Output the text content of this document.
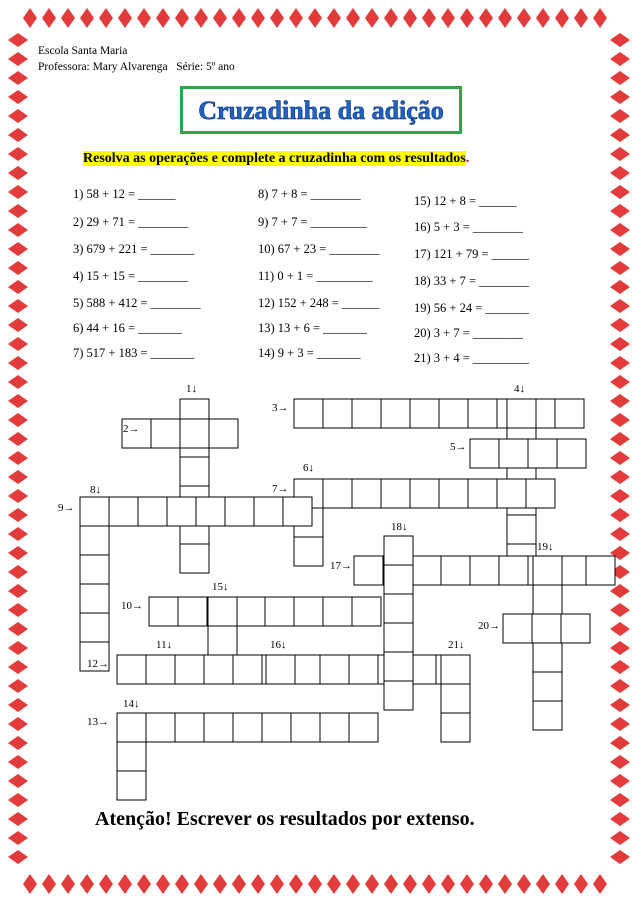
Escola Santa Maria
Professora: Mary Alvarenga   Série: 5º ano
Cruzadinha da adição
Resolva as operações e complete a cruzadinha com os resultados.
1) 58 + 12 = ______
2) 29 + 71 = ________
3) 679 + 221 = _______
4) 15 + 15 = ________
5) 588 + 412 = ________
6) 44 + 16 = _______
7) 517 + 183 = _______
8) 7 + 8 = ________
9) 7 + 7 = _________
10) 67 + 23 = ________
11) 0 + 1 = _________
12) 152 + 248 = ______
13) 13 + 6 = _______
14) 9 + 3 = _______
15) 12 + 8 = ______
16) 5 + 3 = ________
17) 121 + 79 = ______
18) 33 + 7 = ________
19) 56 + 24 = _______
20) 3 + 7 = ________
21) 3 + 4 = _________
1↓
2→
3→
4↓
5→
6↓
7→
8↓
9→
10→
11↓
12→
13→
14↓
15↓
16↓
17→
18↓
19↓
20→
21↓
Atenção! Escrever os resultados por extenso.
